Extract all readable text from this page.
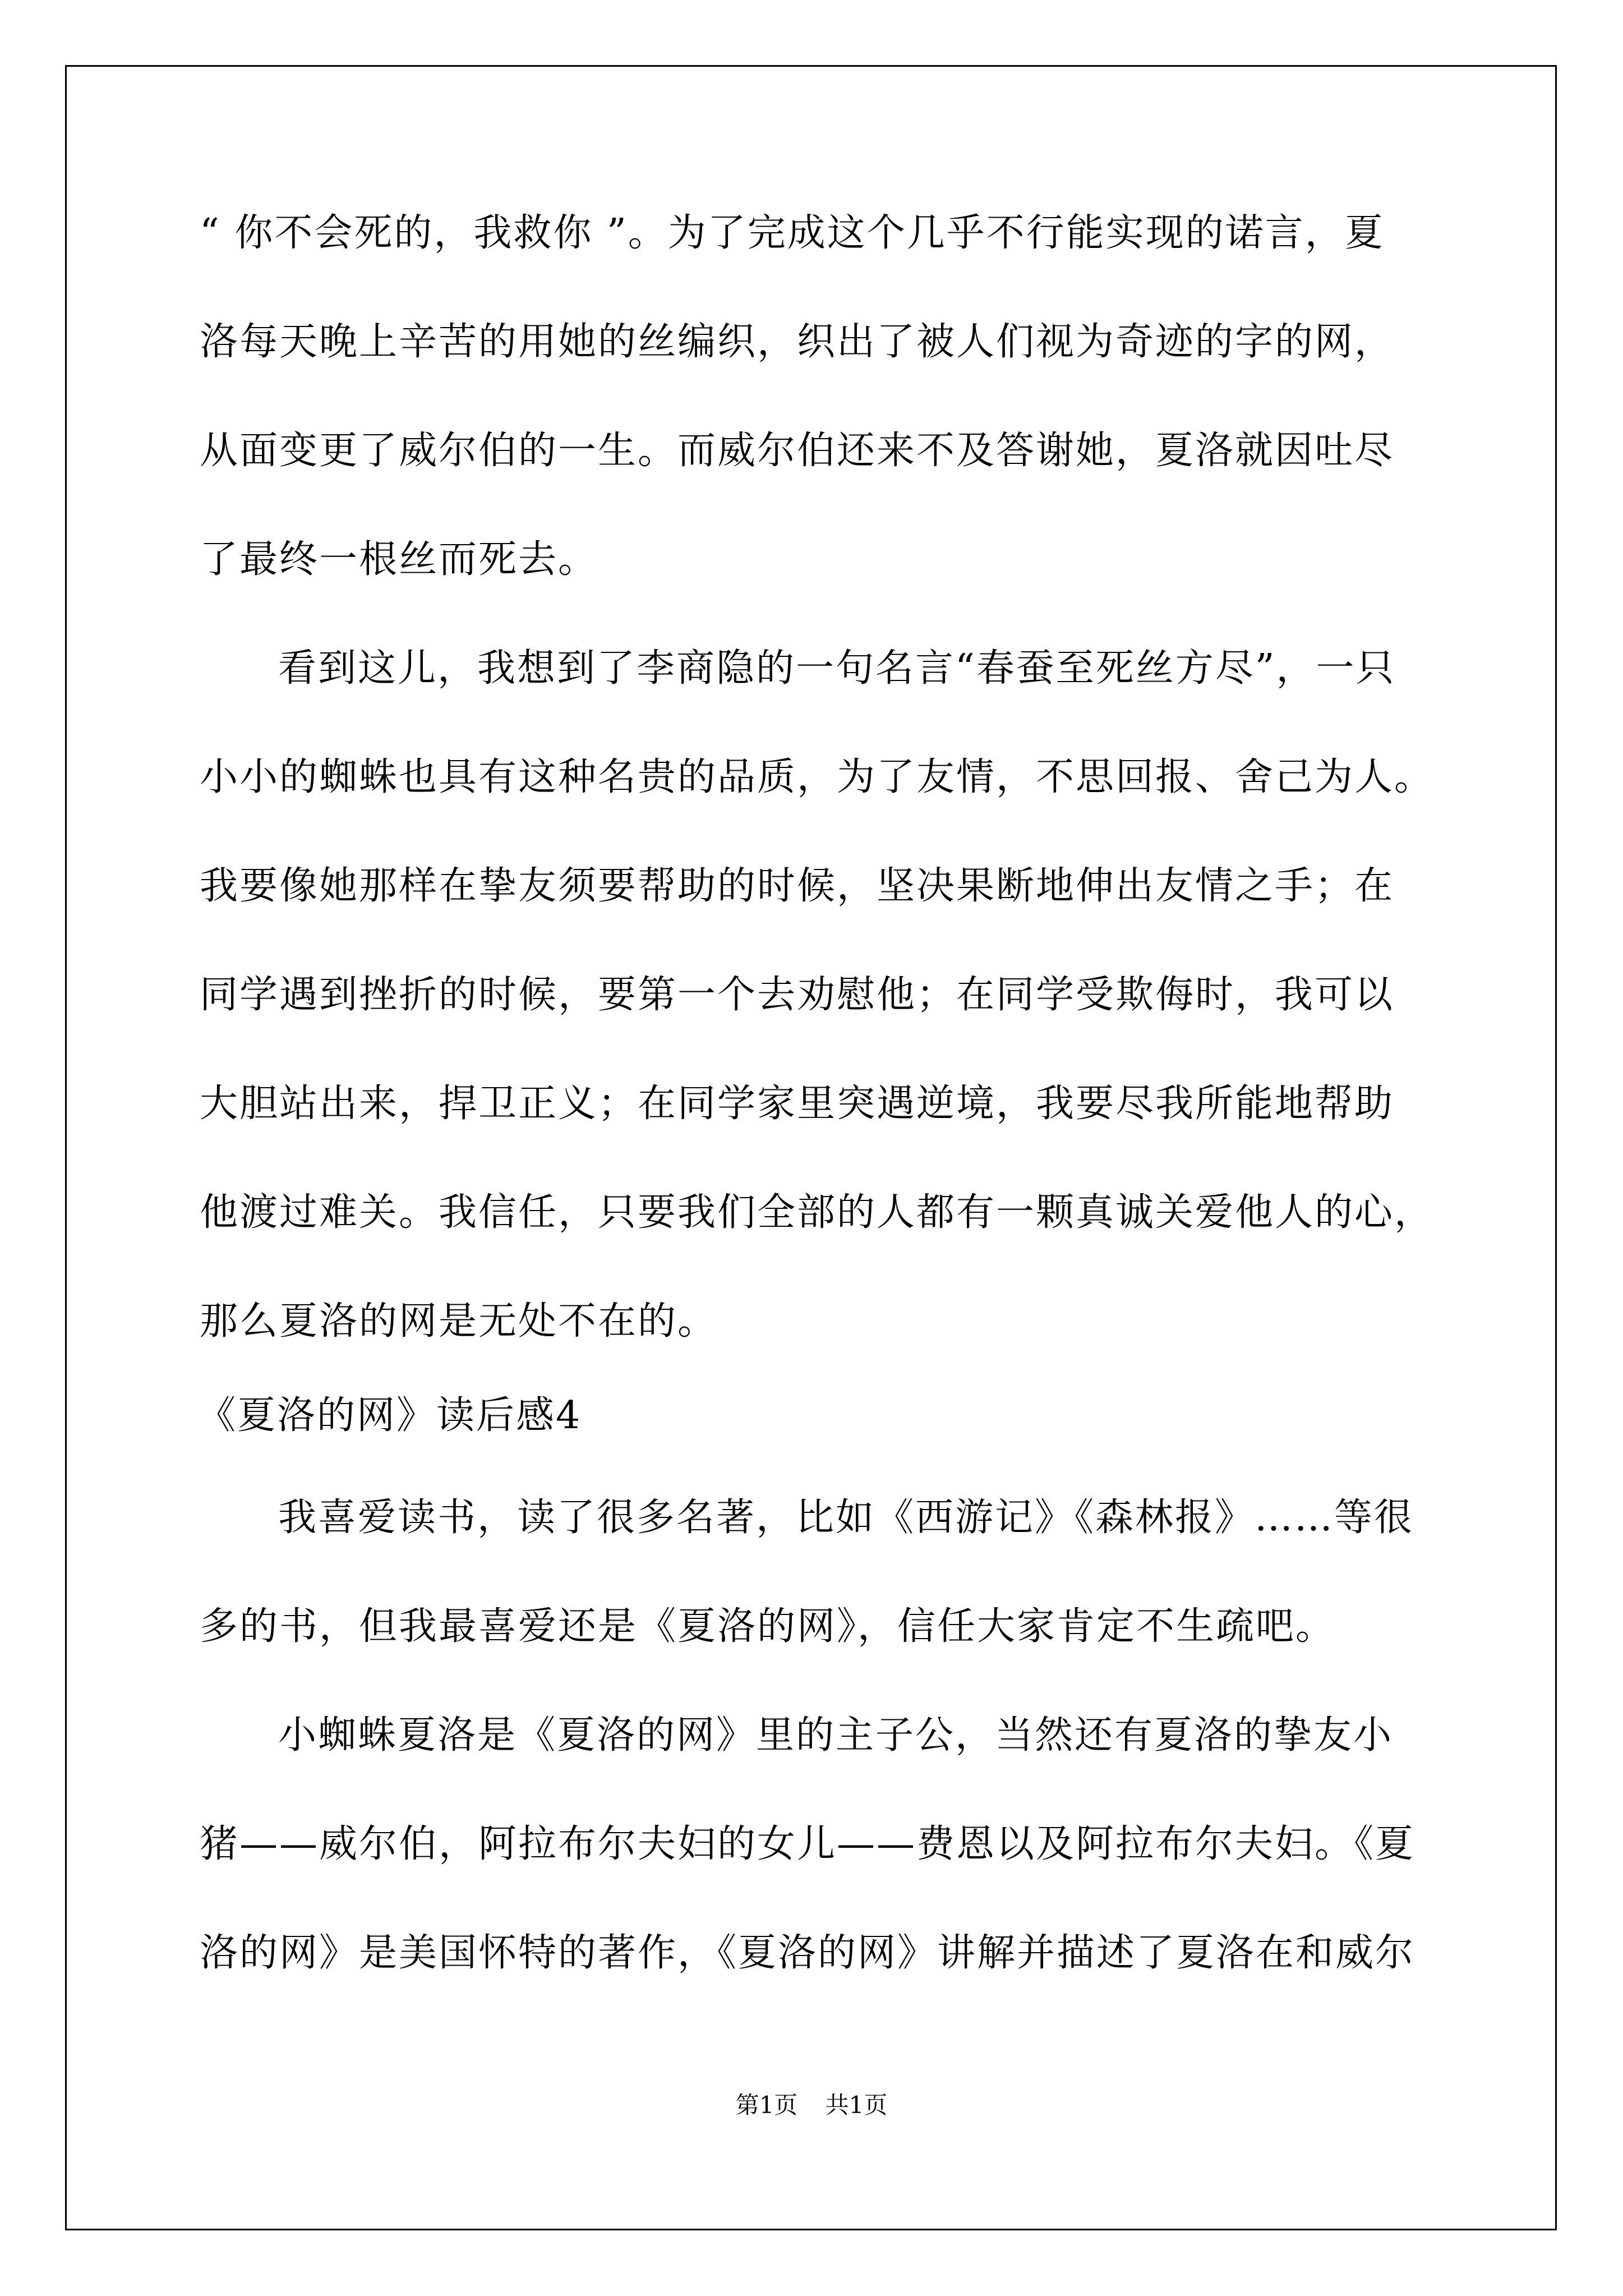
“ 你不会死的，我救你 ”。为了完成这个几乎不行能实现的诺言，夏
洛每天晚上辛苦的用她的丝编织，织出了被人们视为奇迹的字的网，
从面变更了威尔伯的一生。而威尔伯还来不及答谢她，夏洛就因吐尽
了最终一根丝而死去。
看到这儿，我想到了李商隐的一句名言“春蚕至死丝方尽”，一只
小小的蜘蛛也具有这种名贵的品质，为了友情，不思回报、舍己为人。
我要像她那样在挚友须要帮助的时候，坚决果断地伸出友情之手；在
同学遇到挫折的时候，要第一个去劝慰他；在同学受欺侮时，我可以
大胆站出来，捍卫正义；在同学家里突遇逆境，我要尽我所能地帮助
他渡过难关。我信任，只要我们全部的人都有一颗真诚关爱他人的心，
那么夏洛的网是无处不在的。
《夏洛的网》读后感4
我喜爱读书，读了很多名著，比如《西游记》《森林报》……等很
多的书，但我最喜爱还是《夏洛的网》，信任大家肯定不生疏吧。
小蜘蛛夏洛是《夏洛的网》里的主子公，当然还有夏洛的挚友小
猪——威尔伯，阿拉布尔夫妇的女儿——费恩以及阿拉布尔夫妇。《夏
洛的网》是美国怀特的著作，《夏洛的网》讲解并描述了夏洛在和威尔
第1页 共1页
